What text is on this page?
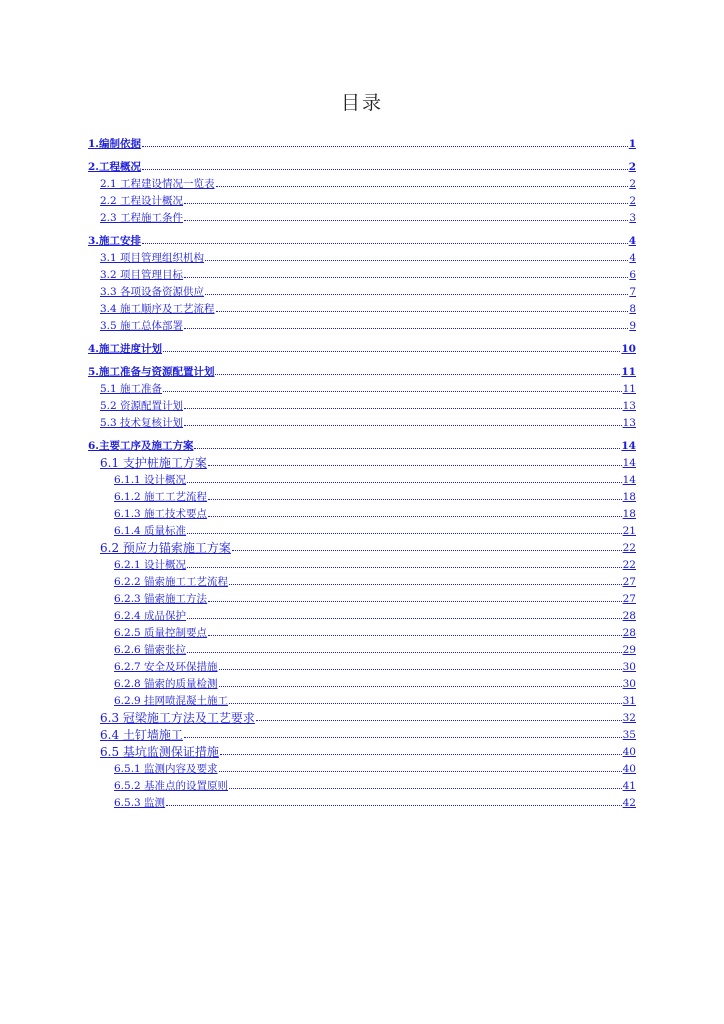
目录
1.编制依据	1
2.工程概况	2
2.1 工程建设情况一览表	2
2.2 工程设计概况	2
2.3 工程施工条件	3
3.施工安排	4
3.1 项目管理组织机构	4
3.2 项目管理目标	6
3.3 各项设备资源供应	7
3.4 施工顺序及工艺流程	8
3.5 施工总体部署	9
4.施工进度计划	10
5.施工准备与资源配置计划	11
5.1 施工准备	11
5.2 资源配置计划	13
5.3 技术复核计划	13
6.主要工序及施工方案	14
6.1 支护桩施工方案	14
6.1.1 设计概况	14
6.1.2 施工工艺流程	18
6.1.3 施工技术要点	18
6.1.4 质量标准	21
6.2 预应力锚索施工方案	22
6.2.1 设计概况	22
6.2.2 锚索施工工艺流程	27
6.2.3 锚索施工方法	27
6.2.4 成品保护	28
6.2.5 质量控制要点	28
6.2.6 锚索张拉	29
6.2.7 安全及环保措施	30
6.2.8 锚索的质量检测	30
6.2.9 挂网喷混凝土施工	31
6.3 冠梁施工方法及工艺要求	32
6.4 土钉墙施工	35
6.5 基坑监测保证措施	40
6.5.1 监测内容及要求	40
6.5.2 基准点的设置原则	41
6.5.3 监测	42
